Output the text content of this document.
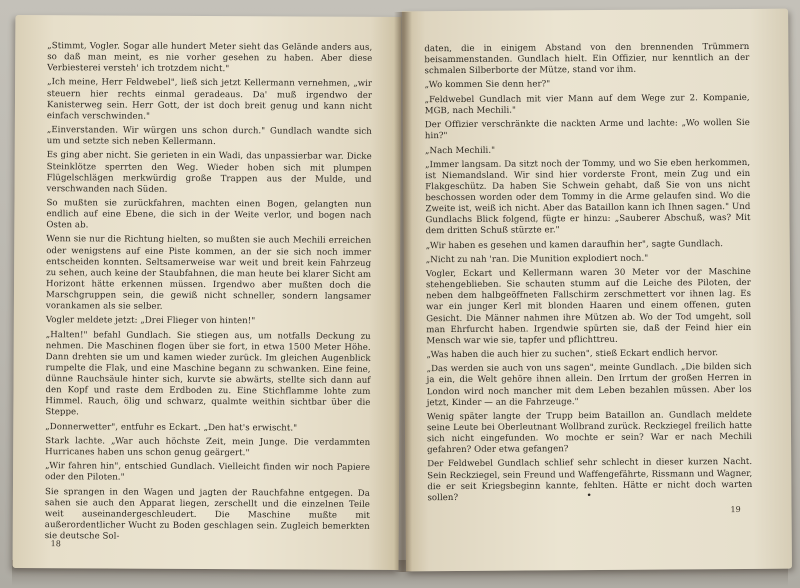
„Stimmt, Vogler. Sogar alle hundert Meter sieht das Gelände anders aus, so daß man meint, es nie vorher gesehen zu haben. Aber diese Verbiesterei versteh' ich trotzdem nicht."

„Ich meine, Herr Feldwebel", ließ sich jetzt Kellermann vernehmen, „wir steuern hier rechts einmal geradeaus. Da' muß irgendwo der Kanisterweg sein. Herr Gott, der ist doch breit genug und kann nicht einfach verschwinden."

„Einverstanden. Wir würgen uns schon durch." Gundlach wandte sich um und setzte sich neben Kellermann.

Es ging aber nicht. Sie gerieten in ein Wadi, das unpassierbar war. Dicke Steinklötze sperrten den Weg. Wieder hoben sich mit plumpen Flügelschlägen merkwürdig große Trappen aus der Mulde, und verschwanden nach Süden.

So mußten sie zurückfahren, machten einen Bogen, gelangten nun endlich auf eine Ebene, die sich in der Weite verlor, und bogen nach Osten ab.

Wenn sie nur die Richtung hielten, so mußten sie auch Mechili erreichen oder wenigstens auf eine Piste kommen, an der sie sich noch immer entscheiden konnten. Seltsamerweise war weit und breit kein Fahrzeug zu sehen, auch keine der Staubfahnen, die man heute bei klarer Sicht am Horizont hätte erkennen müssen. Irgendwo aber mußten doch die Marschgruppen sein, die gewiß nicht schneller, sondern langsamer vorankamen als sie selber.

Vogler meldete jetzt: „Drei Flieger von hinten!"

„Halten!" befahl Gundlach. Sie stiegen aus, um notfalls Deckung zu nehmen. Die Maschinen flogen über sie fort, in etwa 1500 Meter Höhe. Dann drehten sie um und kamen wieder zurück. Im gleichen Augenblick rumpelte die Flak, und eine Maschine begann zu schwanken. Eine feine, dünne Rauchsäule hinter sich, kurvte sie abwärts, stellte sich dann auf den Kopf und raste dem Erdboden zu. Eine Stichflamme lohte zum Himmel. Rauch, ölig und schwarz, qualmte weithin sichtbar über die Steppe.

„Donnerwetter", entfuhr es Eckart. „Den hat's erwischt."

Stark lachte. „War auch höchste Zeit, mein Junge. Die verdammten Hurricanes haben uns schon genug geärgert."

„Wir fahren hin", entschied Gundlach. Vielleicht finden wir noch Papiere oder den Piloten."

Sie sprangen in den Wagen und jagten der Rauchfahne entgegen. Da sahen sie auch den Apparat liegen, zerschellt und die einzelnen Teile weit auseinandergeschleudert. Die Maschine mußte mit außerordentlicher Wucht zu Boden geschlagen sein. Zugleich bemerkten sie deutsche Sol-

18

daten, die in einigem Abstand von den brennenden Trümmern beisammenstanden. Gundlach hielt. Ein Offizier, nur kenntlich an der schmalen Silberborte der Mütze, stand vor ihm.

„Wo kommen Sie denn her?"

„Feldwebel Gundlach mit vier Mann auf dem Wege zur 2. Kompanie, MGB, nach Mechili."

Der Offizier verschränkte die nackten Arme und lachte: „Wo wollen Sie hin?"

„Nach Mechili."

„Immer langsam. Da sitzt noch der Tommy, und wo Sie eben herkommen, ist Niemandsland. Wir sind hier vorderste Front, mein Zug und ein Flakgeschütz. Da haben Sie Schwein gehabt, daß Sie von uns nicht beschossen worden oder dem Tommy in die Arme gelaufen sind. Wo die Zweite ist, weiß ich nicht. Aber das Bataillon kann ich Ihnen sagen." Und Gundlachs Blick folgend, fügte er hinzu: „Sauberer Abschuß, was? Mit dem dritten Schuß stürzte er."

„Wir haben es gesehen und kamen daraufhin her", sagte Gundlach.

„Nicht zu nah 'ran. Die Munition explodiert noch."

Vogler, Eckart und Kellermann waren 30 Meter vor der Maschine stehengeblieben. Sie schauten stumm auf die Leiche des Piloten, der neben dem halbgeöffneten Fallschirm zerschmettert vor ihnen lag. Es war ein junger Kerl mit blonden Haaren und einem offenen, guten Gesicht. Die Männer nahmen ihre Mützen ab. Wo der Tod umgeht, soll man Ehrfurcht haben. Irgendwie spürten sie, daß der Feind hier ein Mensch war wie sie, tapfer und pflichttreu.

„Was haben die auch hier zu suchen", stieß Eckart endlich hervor.

„Das werden sie auch von uns sagen", meinte Gundlach. „Die bilden sich ja ein, die Welt gehöre ihnen allein. Den Irrtum der großen Herren in London wird noch mancher mit dem Leben bezahlen müssen. Aber los jetzt, Kinder — an die Fahrzeuge."

Wenig später langte der Trupp beim Bataillon an. Gundlach meldete seine Leute bei Oberleutnant Wollbrand zurück. Reckziegel freilich hatte sich nicht eingefunden. Wo mochte er sein? War er nach Mechili gefahren? Oder etwa gefangen?

Der Feldwebel Gundlach schlief sehr schlecht in dieser kurzen Nacht. Sein Reckziegel, sein Freund und Waffengefährte, Rissmann und Wagner, die er seit Kriegsbeginn kannte, fehlten. Hätte er nicht doch warten sollen?	•
19
